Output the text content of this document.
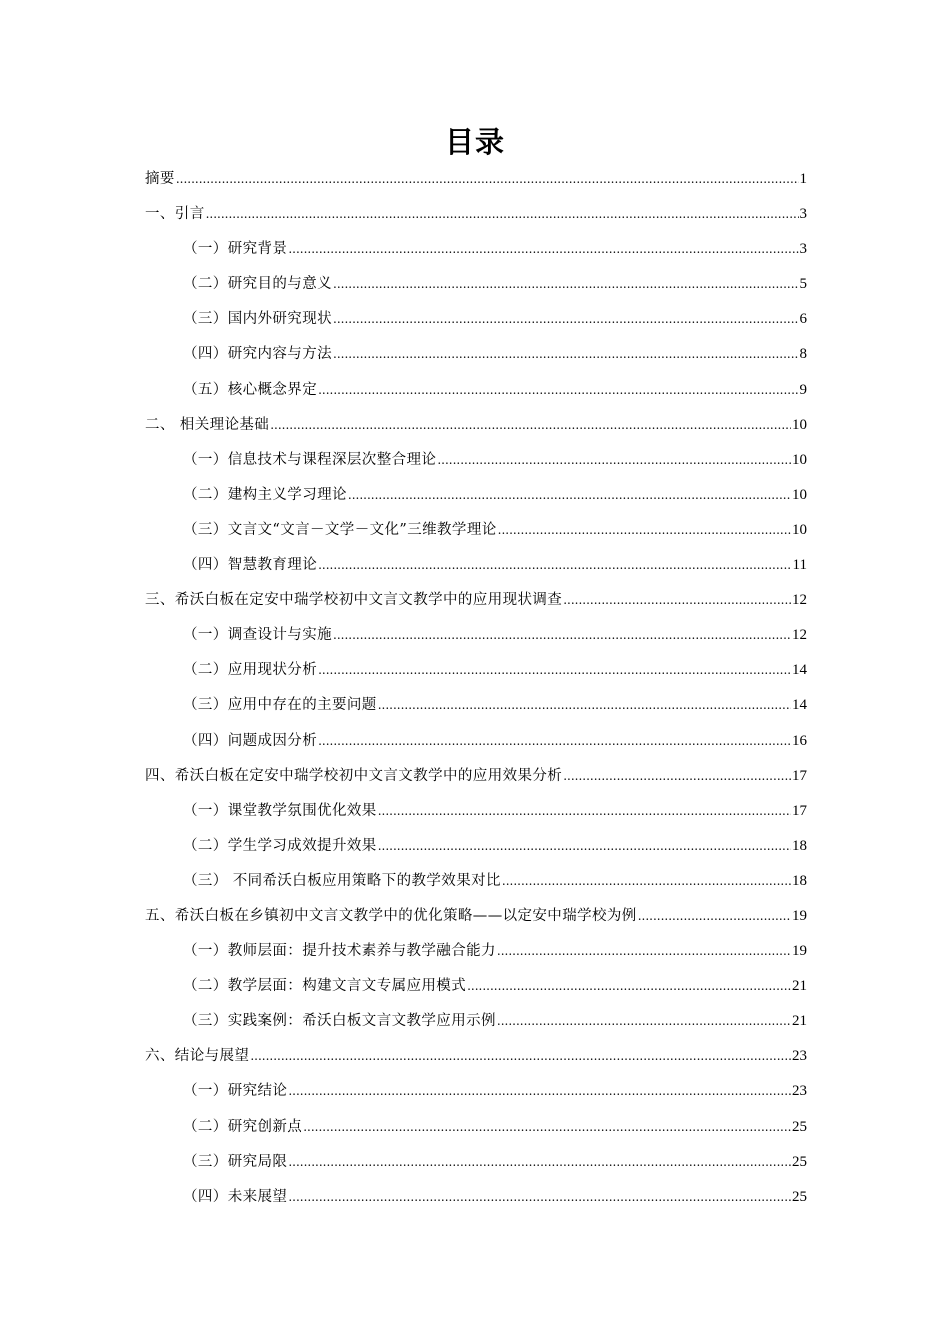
目录
摘要 .....	1
一、引言 .....	3
（一）研究背景 .....	3
（二）研究目的与意义 .....	5
（三）国内外研究现状 .....	6
（四）研究内容与方法 .....	8
（五）核心概念界定 .....	9
二、 相关理论基础 .....	10
（一）信息技术与课程深层次整合理论 .....	10
（二）建构主义学习理论 .....	10
（三）文言文“文言－文学－文化”三维教学理论 .....	10
（四）智慧教育理论 .....	11
三、希沃白板在定安中瑞学校初中文言文教学中的应用现状调查 .....	12
（一）调查设计与实施 .....	12
（二）应用现状分析 .....	14
（三）应用中存在的主要问题 .....	14
（四）问题成因分析 .....	16
四、希沃白板在定安中瑞学校初中文言文教学中的应用效果分析 .....	17
（一）课堂教学氛围优化效果 .....	17
（二）学生学习成效提升效果 .....	18
（三） 不同希沃白板应用策略下的教学效果对比 .....	18
五、希沃白板在乡镇初中文言文教学中的优化策略——以定安中瑞学校为例 .....	19
（一）教师层面：提升技术素养与教学融合能力 .....	19
（二）教学层面：构建文言文专属应用模式 .....	21
（三）实践案例：希沃白板文言文教学应用示例 .....	21
六、结论与展望 .....	23
（一）研究结论 .....	23
（二）研究创新点 .....	25
（三）研究局限 .....	25
（四）未来展望 .....	25
